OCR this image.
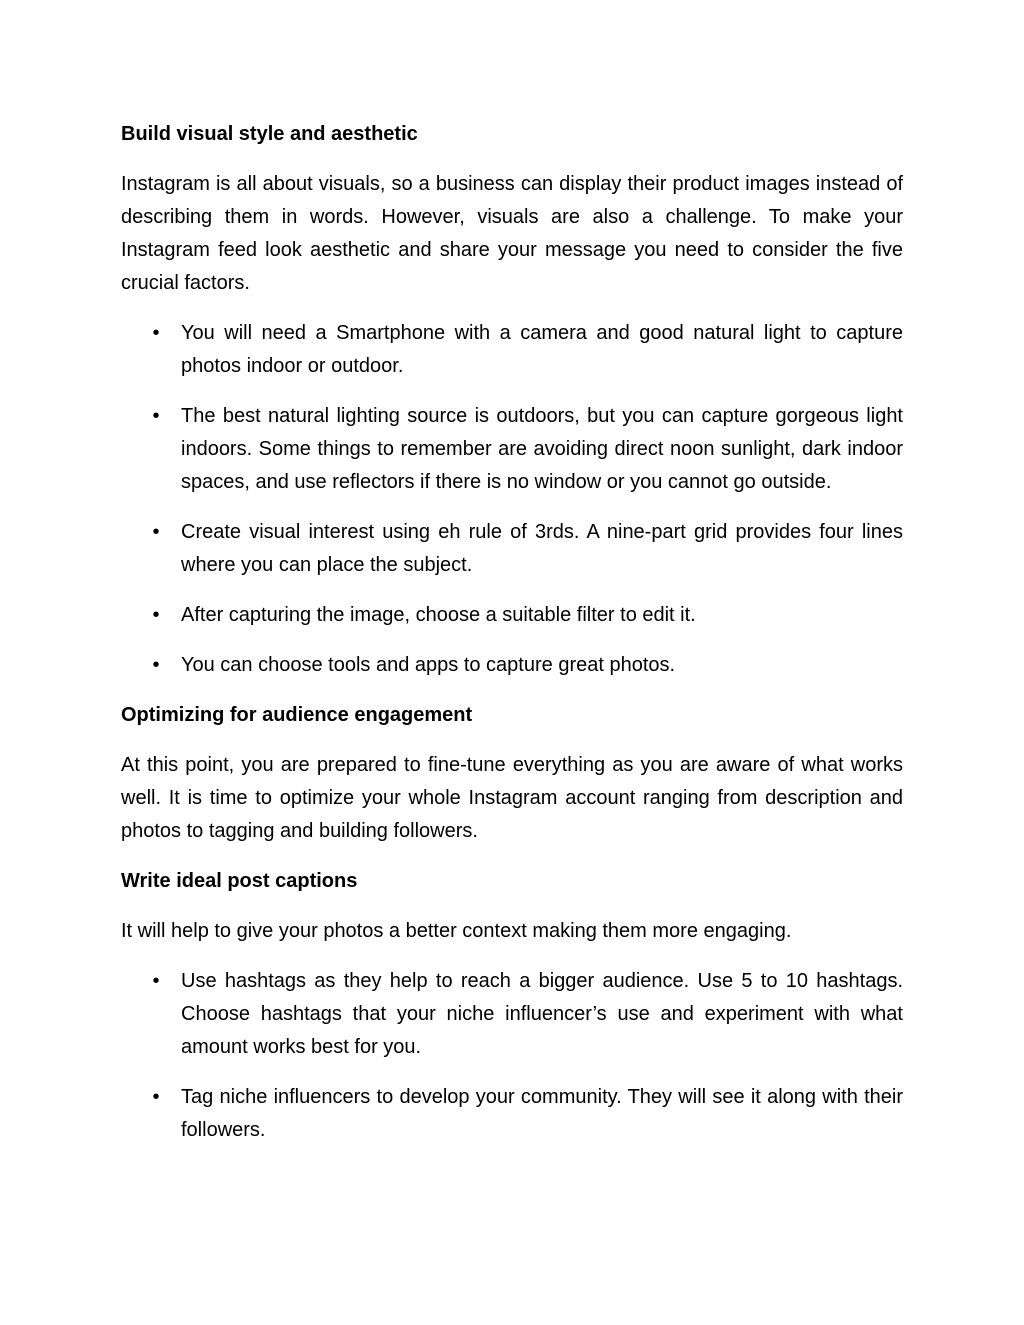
Build visual style and aesthetic
Instagram is all about visuals, so a business can display their product images instead of describing them in words. However, visuals are also a challenge. To make your Instagram feed look aesthetic and share your message you need to consider the five crucial factors.
• You will need a Smartphone with a camera and good natural light to capture photos indoor or outdoor.
• The best natural lighting source is outdoors, but you can capture gorgeous light indoors. Some things to remember are avoiding direct noon sunlight, dark indoor spaces, and use reflectors if there is no window or you cannot go outside.
• Create visual interest using eh rule of 3rds. A nine-part grid provides four lines where you can place the subject.
• After capturing the image, choose a suitable filter to edit it.
• You can choose tools and apps to capture great photos.
Optimizing for audience engagement
At this point, you are prepared to fine-tune everything as you are aware of what works well. It is time to optimize your whole Instagram account ranging from description and photos to tagging and building followers.
Write ideal post captions
It will help to give your photos a better context making them more engaging.
• Use hashtags as they help to reach a bigger audience. Use 5 to 10 hashtags. Choose hashtags that your niche influencer’s use and experiment with what amount works best for you.
• Tag niche influencers to develop your community. They will see it along with their followers.
